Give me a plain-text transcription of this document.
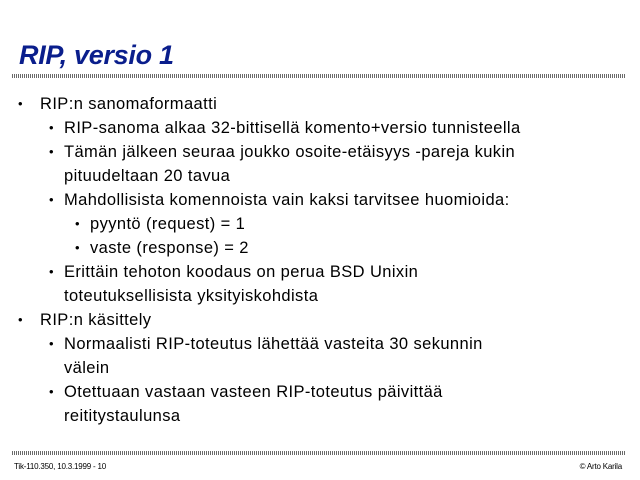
RIP, versio 1
• RIP:n sanomaformaatti
• RIP-sanoma alkaa 32-bittisellä komento+versio tunnisteella
• Tämän jälkeen seuraa joukko osoite-etäisyys -pareja kukin
pituudeltaan 20 tavua
• Mahdollisista komennoista vain kaksi tarvitsee huomioida:
• pyyntö (request) = 1
• vaste (response) = 2
• Erittäin tehoton koodaus on perua BSD Unixin
toteutuksellisista yksityiskohdista
• RIP:n käsittely
• Normaalisti RIP-toteutus lähettää vasteita 30 sekunnin
välein
• Otettuaan vastaan vasteen RIP-toteutus päivittää
reititystaulunsa
Tik-110.350, 10.3.1999 - 10	© Arto Karila
